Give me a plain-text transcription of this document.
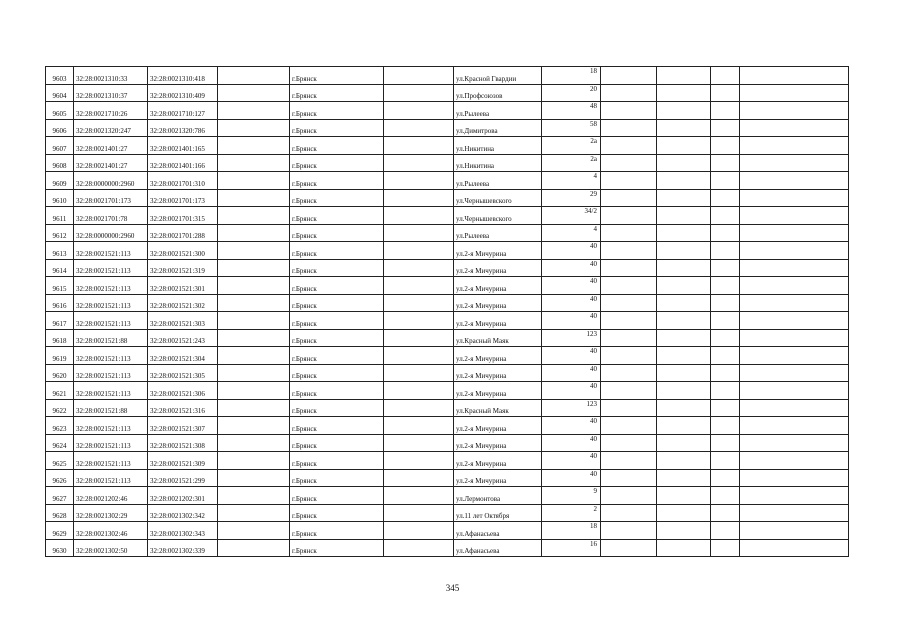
9603	32:28:0021310:33	32:28:0021310:418		г.Брянск		ул.Красной Гвардии	18				
9604	32:28:0021310:37	32:28:0021310:409		г.Брянск		ул.Профсоюзов	20				
9605	32:28:0021710:26	32:28:0021710:127		г.Брянск		ул.Рылеева	48				
9606	32:28:0021320:247	32:28:0021320:786		г.Брянск		ул.Димитрова	58				
9607	32:28:0021401:27	32:28:0021401:165		г.Брянск		ул.Никитина	2а				
9608	32:28:0021401:27	32:28:0021401:166		г.Брянск		ул.Никитина	2а				
9609	32:28:0000000:2960	32:28:0021701:310		г.Брянск		ул.Рылеева	4				
9610	32:28:0021701:173	32:28:0021701:173		г.Брянск		ул.Чернышевского	29				
9611	32:28:0021701:78	32:28:0021701:315		г.Брянск		ул.Чернышевского	34/2				
9612	32:28:0000000:2960	32:28:0021701:288		г.Брянск		ул.Рылеева	4				
9613	32:28:0021521:113	32:28:0021521:300		г.Брянск		ул.2-я Мичурина	40				
9614	32:28:0021521:113	32:28:0021521:319		г.Брянск		ул.2-я Мичурина	40				
9615	32:28:0021521:113	32:28:0021521:301		г.Брянск		ул.2-я Мичурина	40				
9616	32:28:0021521:113	32:28:0021521:302		г.Брянск		ул.2-я Мичурина	40				
9617	32:28:0021521:113	32:28:0021521:303		г.Брянск		ул.2-я Мичурина	40				
9618	32:28:0021521:88	32:28:0021521:243		г.Брянск		ул.Красный Маяк	123				
9619	32:28:0021521:113	32:28:0021521:304		г.Брянск		ул.2-я Мичурина	40				
9620	32:28:0021521:113	32:28:0021521:305		г.Брянск		ул.2-я Мичурина	40				
9621	32:28:0021521:113	32:28:0021521:306		г.Брянск		ул.2-я Мичурина	40				
9622	32:28:0021521:88	32:28:0021521:316		г.Брянск		ул.Красный Маяк	123				
9623	32:28:0021521:113	32:28:0021521:307		г.Брянск		ул.2-я Мичурина	40				
9624	32:28:0021521:113	32:28:0021521:308		г.Брянск		ул.2-я Мичурина	40				
9625	32:28:0021521:113	32:28:0021521:309		г.Брянск		ул.2-я Мичурина	40				
9626	32:28:0021521:113	32:28:0021521:299		г.Брянск		ул.2-я Мичурина	40				
9627	32:28:0021202:46	32:28:0021202:301		г.Брянск		ул.Лермонтова	9				
9628	32:28:0021302:29	32:28:0021302:342		г.Брянск		ул.11 лет Октября	2				
9629	32:28:0021302:46	32:28:0021302:343		г.Брянск		ул.Афанасьева	18				
9630	32:28:0021302:50	32:28:0021302:339		г.Брянск		ул.Афанасьева	16				
345
